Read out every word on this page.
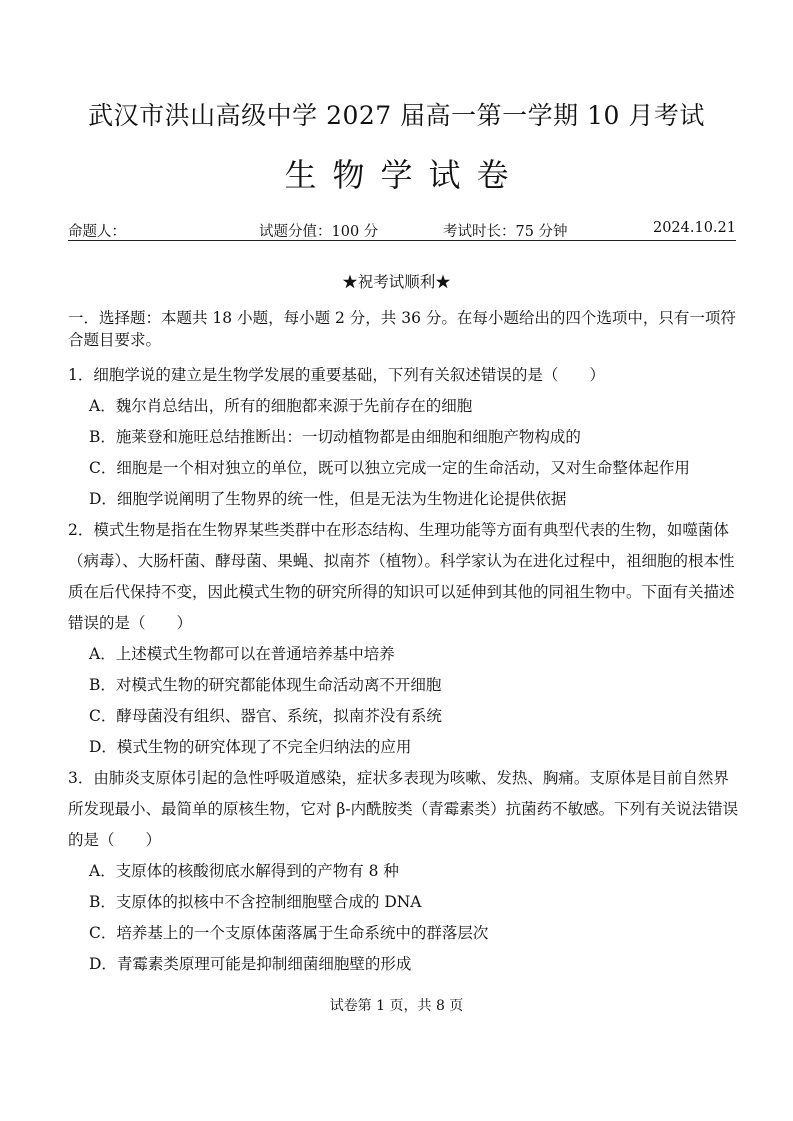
武汉市洪山高级中学 2027 届高一第一学期 10 月考试
生物学试卷
命题人：	试题分值：100 分	考试时长：75 分钟	2024.10.21
★祝考试顺利★
一．选择题：本题共 18 小题，每小题 2 分，共 36 分。在每小题给出的四个选项中，只有一项符合题目要求。
1．细胞学说的建立是生物学发展的重要基础，下列有关叙述错误的是（　　）
A．魏尔肖总结出，所有的细胞都来源于先前存在的细胞
B．施莱登和施旺总结推断出：一切动植物都是由细胞和细胞产物构成的
C．细胞是一个相对独立的单位，既可以独立完成一定的生命活动，又对生命整体起作用
D．细胞学说阐明了生物界的统一性，但是无法为生物进化论提供依据
2．模式生物是指在生物界某些类群中在形态结构、生理功能等方面有典型代表的生物，如噬菌体（病毒）、大肠杆菌、酵母菌、果蝇、拟南芥（植物）。科学家认为在进化过程中，祖细胞的根本性质在后代保持不变，因此模式生物的研究所得的知识可以延伸到其他的同祖生物中。下面有关描述错误的是（　　）
A．上述模式生物都可以在普通培养基中培养
B．对模式生物的研究都能体现生命活动离不开细胞
C．酵母菌没有组织、器官、系统，拟南芥没有系统
D．模式生物的研究体现了不完全归纳法的应用
3．由肺炎支原体引起的急性呼吸道感染，症状多表现为咳嗽、发热、胸痛。支原体是目前自然界所发现最小、最简单的原核生物，它对 β-内酰胺类（青霉素类）抗菌药不敏感。下列有关说法错误的是（　　）
A．支原体的核酸彻底水解得到的产物有 8 种
B．支原体的拟核中不含控制细胞壁合成的 DNA
C．培养基上的一个支原体菌落属于生命系统中的群落层次
D．青霉素类原理可能是抑制细菌细胞壁的形成
试卷第 1 页，共 8 页
